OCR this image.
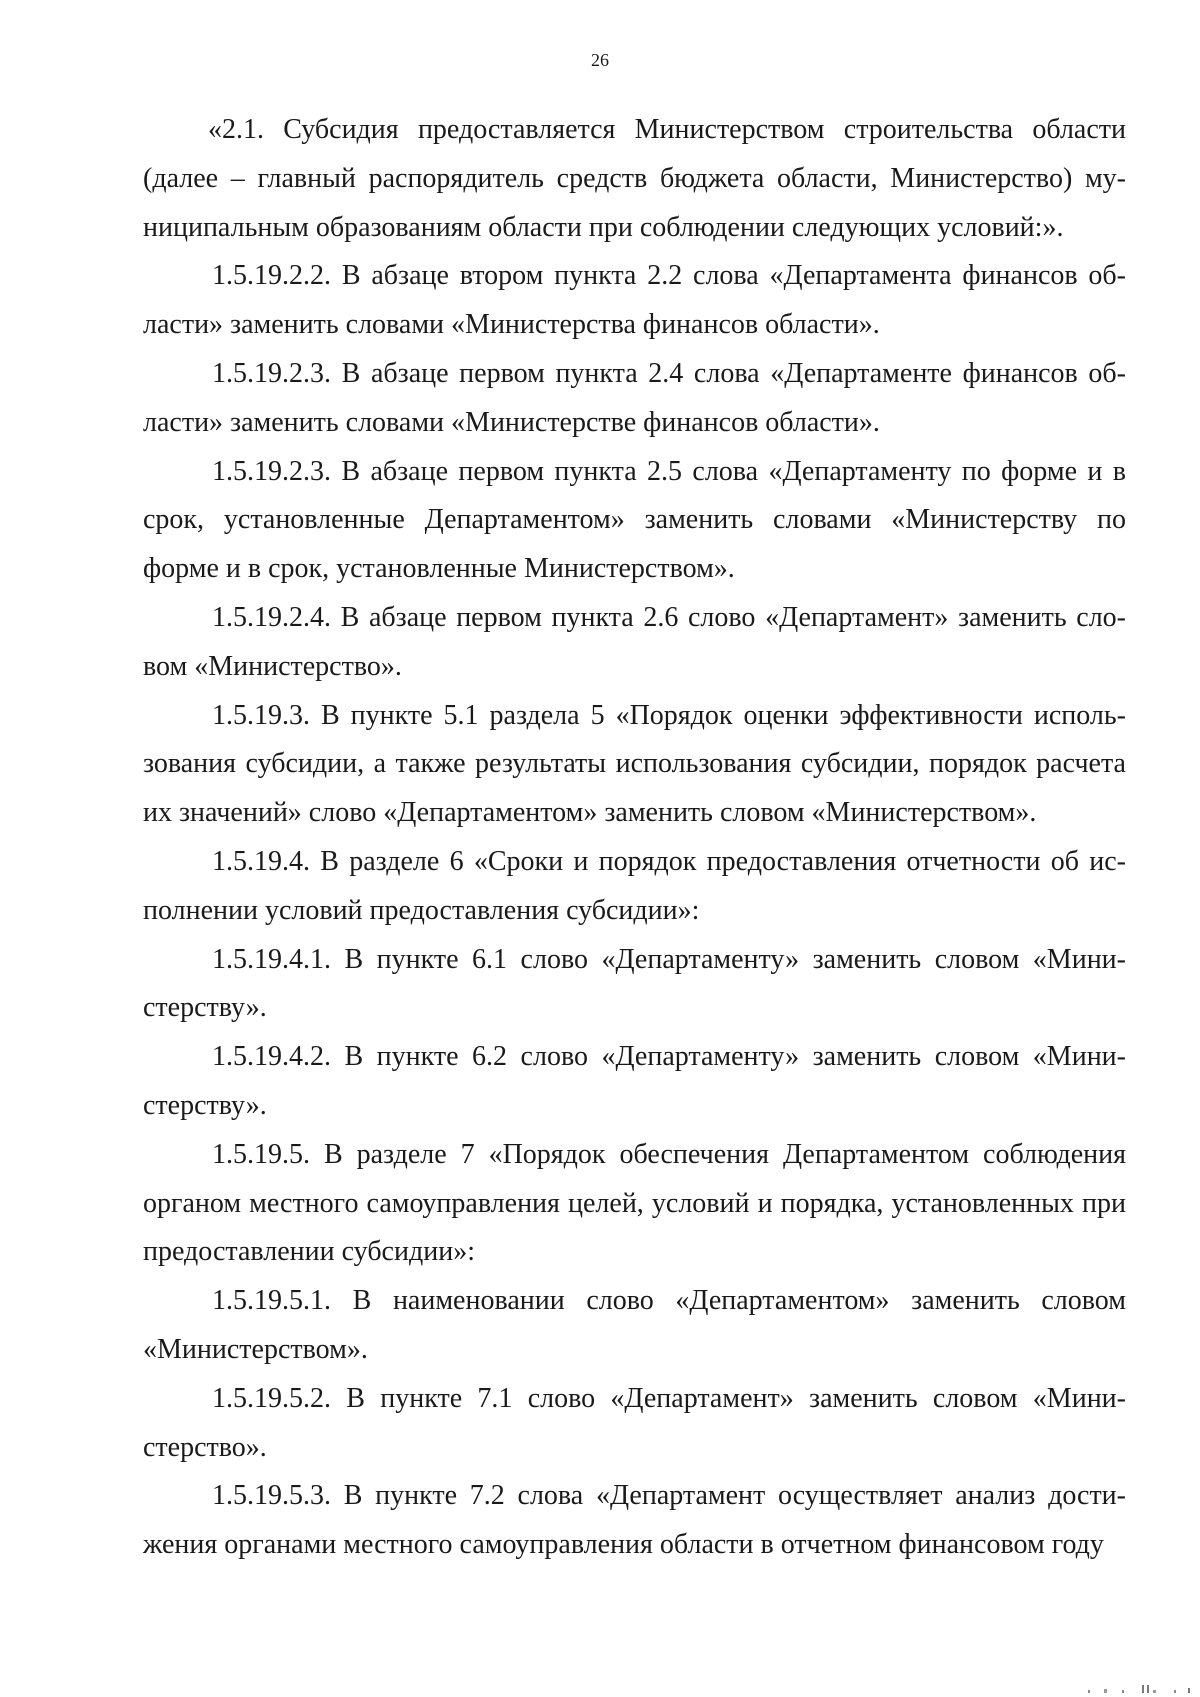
26

«2.1. Субсидия предоставляется Министерством строительства области (далее – главный распорядитель средств бюджета области, Министерство) муниципальным образованиям области при соблюдении следующих условий:».

1.5.19.2.2. В абзаце втором пункта 2.2 слова «Департамента финансов области» заменить словами «Министерства финансов области».

1.5.19.2.3. В абзаце первом пункта 2.4 слова «Департаменте финансов области» заменить словами «Министерстве финансов области».

1.5.19.2.3. В абзаце первом пункта 2.5 слова «Департаменту по форме и в срок, установленные Департаментом» заменить словами «Министерству по форме и в срок, установленные Министерством».

1.5.19.2.4. В абзаце первом пункта 2.6 слово «Департамент» заменить словом «Министерство».

1.5.19.3. В пункте 5.1 раздела 5 «Порядок оценки эффективности использования субсидии, а также результаты использования субсидии, порядок расчета их значений» слово «Департаментом» заменить словом «Министерством».

1.5.19.4. В разделе 6 «Сроки и порядок предоставления отчетности об исполнении условий предоставления субсидии»:

1.5.19.4.1. В пункте 6.1 слово «Департаменту» заменить словом «Министерству».

1.5.19.4.2. В пункте 6.2 слово «Департаменту» заменить словом «Министерству».

1.5.19.5. В разделе 7 «Порядок обеспечения Департаментом соблюдения органом местного самоуправления целей, условий и порядка, установленных при предоставлении субсидии»:

1.5.19.5.1. В наименовании слово «Департаментом» заменить словом «Министерством».

1.5.19.5.2. В пункте 7.1 слово «Департамент» заменить словом «Министерство».

1.5.19.5.3. В пункте 7.2 слова «Департамент осуществляет анализ достижения органами местного самоуправления области в отчетном финансовом году
